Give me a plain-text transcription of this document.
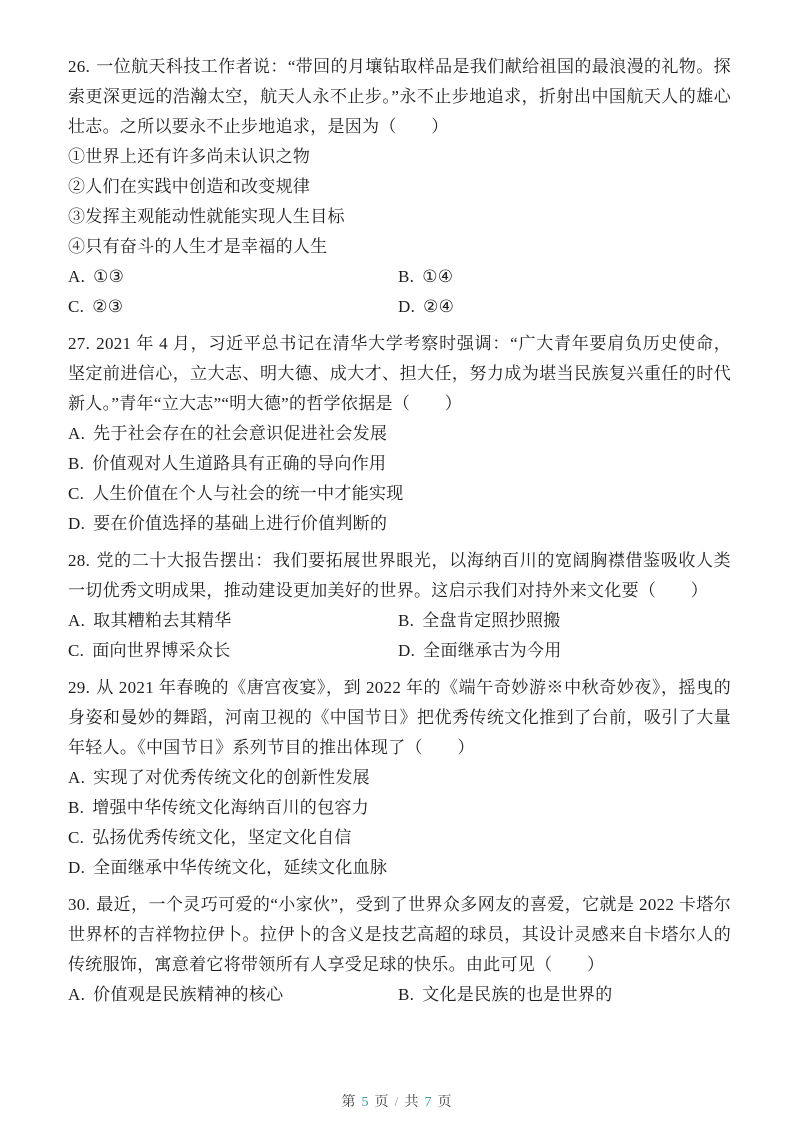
26. 一位航天科技工作者说：“带回的月壤钻取样品是我们献给祖国的最浪漫的礼物。探索更深更远的浩瀚太空，航天人永不止步。”永不止步地追求，折射出中国航天人的雄心壮志。之所以要永不止步地追求，是因为（　　）

①世界上还有许多尚未认识之物

②人们在实践中创造和改变规律

③发挥主观能动性就能实现人生目标

④只有奋斗的人生才是幸福的人生

A. ①③	B. ①④
C. ②③	D. ②④

27. 2021 年 4 月，习近平总书记在清华大学考察时强调：“广大青年要肩负历史使命，坚定前进信心，立大志、明大德、成大才、担大任，努力成为堪当民族复兴重任的时代新人。”青年“立大志”“明大德”的哲学依据是（　　）

A. 先于社会存在的社会意识促进社会发展
B. 价值观对人生道路具有正确的导向作用
C. 人生价值在个人与社会的统一中才能实现
D. 要在价值选择的基础上进行价值判断的

28. 党的二十大报告摆出：我们要拓展世界眼光，以海纳百川的宽阔胸襟借鉴吸收人类一切优秀文明成果，推动建设更加美好的世界。这启示我们对持外来文化要（　　）

A. 取其糟粕去其精华	B. 全盘肯定照抄照搬
C. 面向世界博采众长	D. 全面继承古为今用

29. 从 2021 年春晚的《唐宫夜宴》，到 2022 年的《端午奇妙游※中秋奇妙夜》，摇曳的身姿和曼妙的舞蹈，河南卫视的《中国节日》把优秀传统文化推到了台前，吸引了大量年轻人。《中国节日》系列节目的推出体现了（　　）

A. 实现了对优秀传统文化的创新性发展
B. 增强中华传统文化海纳百川的包容力
C. 弘扬优秀传统文化，坚定文化自信
D. 全面继承中华传统文化，延续文化血脉

30. 最近，一个灵巧可爱的“小家伙”，受到了世界众多网友的喜爱，它就是 2022 卡塔尔世界杯的吉祥物拉伊卜。拉伊卜的含义是技艺高超的球员，其设计灵感来自卡塔尔人的传统服饰，寓意着它将带领所有人享受足球的快乐。由此可见（　　）

A. 价值观是民族精神的核心	B. 文化是民族的也是世界的
第 5 页 / 共 7 页
